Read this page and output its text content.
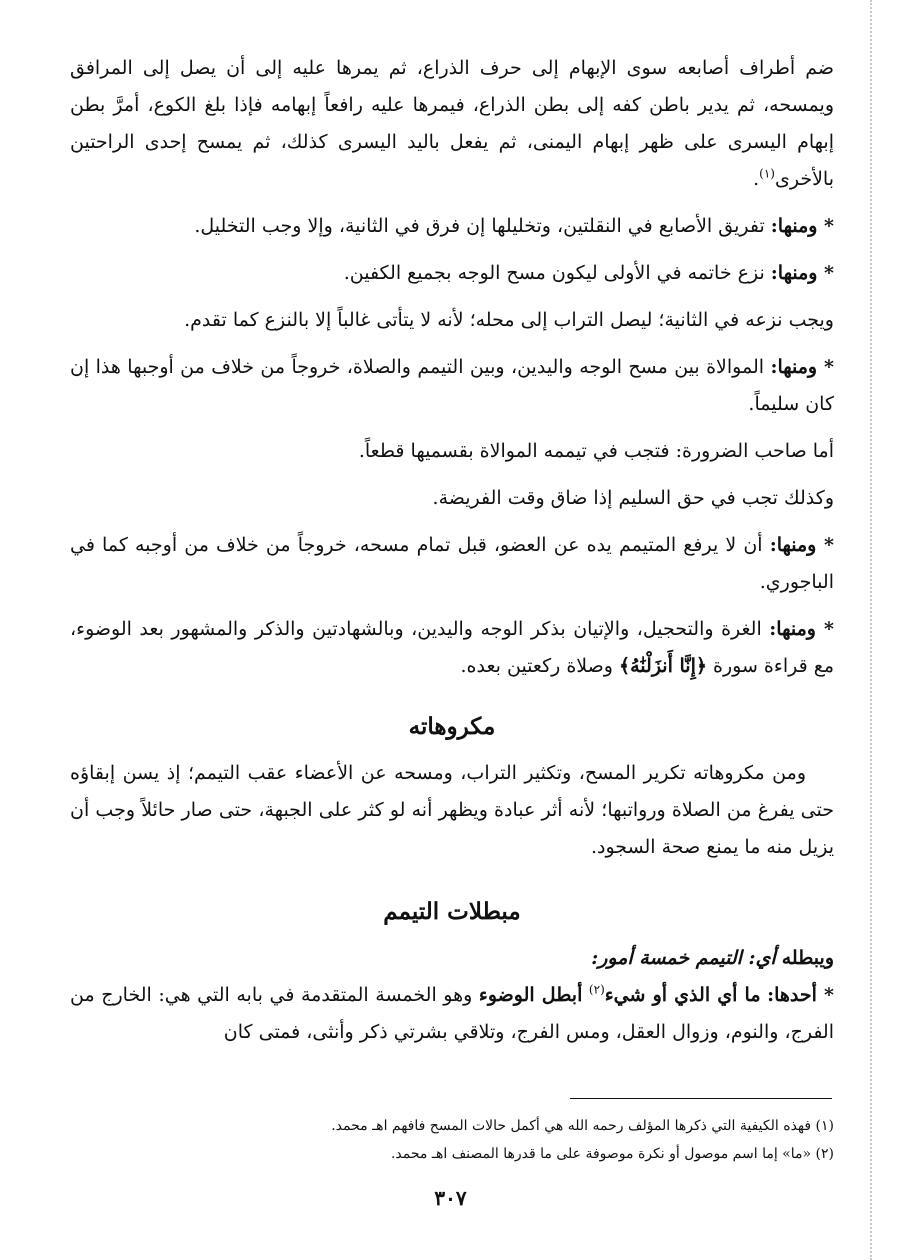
ضم أطراف أصابعه سوى الإبهام إلى حرف الذراع، ثم يمرها عليه إلى أن يصل إلى المرافق ويمسحه، ثم يدير باطن كفه إلى بطن الذراع، فيمرها عليه رافعاً إبهامه فإذا بلغ الكوع، أمرَّ بطن إبهام اليسرى على ظهر إبهام اليمنى، ثم يفعل باليد اليسرى كذلك، ثم يمسح إحدى الراحتين بالأخرى$^{(١)}$.

* ومنها: تفريق الأصابع في النقلتين، وتخليلها إن فرق في الثانية، وإلا وجب التخليل.

* ومنها: نزع خاتمه في الأولى ليكون مسح الوجه بجميع الكفين.

ويجب نزعه في الثانية؛ ليصل التراب إلى محله؛ لأنه لا يتأتى غالباً إلا بالنزع كما تقدم.

* ومنها: الموالاة بين مسح الوجه واليدين، وبين التيمم والصلاة، خروجاً من خلاف من أوجبها هذا إن كان سليماً.

أما صاحب الضرورة: فتجب في تيممه الموالاة بقسميها قطعاً.

وكذلك تجب في حق السليم إذا ضاق وقت الفريضة.

* ومنها: أن لا يرفع المتيمم يده عن العضو، قبل تمام مسحه، خروجاً من خلاف من أوجبه كما في الباجوري.

* ومنها: الغرة والتحجيل، والإتيان بذكر الوجه واليدين، وبالشهادتين والذكر والمشهور بعد الوضوء، مع قراءة سورة ﴿إِنَّا أَنزَلْنَٰهُ﴾ وصلاة ركعتين بعده.

مكروهاته

ومن مكروهاته تكرير المسح، وتكثير التراب، ومسحه عن الأعضاء عقب التيمم؛ إذ يسن إبقاؤه حتى يفرغ من الصلاة ورواتبها؛ لأنه أثر عبادة ويظهر أنه لو كثر على الجبهة، حتى صار حائلاً وجب أن يزيل منه ما يمنع صحة السجود.

مبطلات التيمم

ويبطله أي: التيمم خمسة أمور:

* أحدها: ما أي الذي أو شيء$^{(٢)}$ أبطل الوضوء وهو الخمسة المتقدمة في بابه التي هي: الخارج من الفرج، والنوم، وزوال العقل، ومس الفرج، وتلاقي بشرتي ذكر وأنثى، فمتى كان

(١) فهذه الكيفية التي ذكرها المؤلف رحمه الله هي أكمل حالات المسح فافهم اهـ محمد.

(٢) «ما» إما اسم موصول أو نكرة موصوفة على ما قدرها المصنف اهـ محمد.

٣٠٧
